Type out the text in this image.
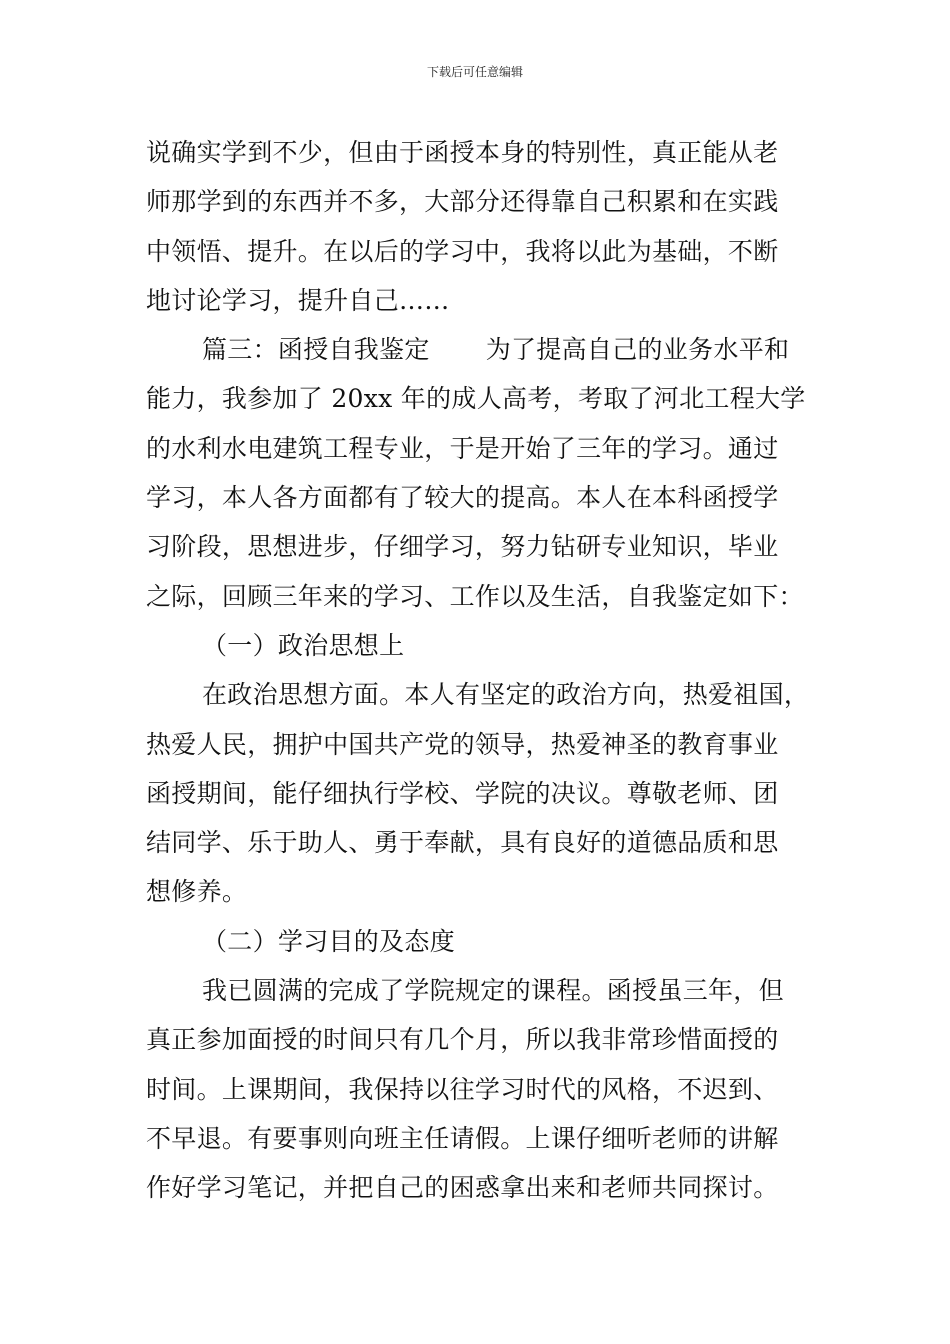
下载后可任意编辑
说确实学到不少，但由于函授本身的特别性，真正能从老
师那学到的东西并不多，大部分还得靠自己积累和在实践
中领悟、提升。在以后的学习中，我将以此为基础，不断
地讨论学习，提升自己……
篇三：函授自我鉴定 为了提高自己的业务水平和
能力，我参加了 20xx 年的成人高考，考取了河北工程大学
的水利水电建筑工程专业，于是开始了三年的学习。通过
学习，本人各方面都有了较大的提高。本人在本科函授学
习阶段，思想进步，仔细学习，努力钻研专业知识，毕业
之际，回顾三年来的学习、工作以及生活，自我鉴定如下：
（一）政治思想上
在政治思想方面。本人有坚定的政治方向，热爱祖国，
热爱人民，拥护中国共产党的领导，热爱神圣的教育事业
函授期间，能仔细执行学校、学院的决议。尊敬老师、团
结同学、乐于助人、勇于奉献，具有良好的道德品质和思
想修养。
（二）学习目的及态度
我已圆满的完成了学院规定的课程。函授虽三年，但
真正参加面授的时间只有几个月，所以我非常珍惜面授的
时间。上课期间，我保持以往学习时代的风格，不迟到、
不早退。有要事则向班主任请假。上课仔细听老师的讲解
作好学习笔记，并把自己的困惑拿出来和老师共同探讨。
